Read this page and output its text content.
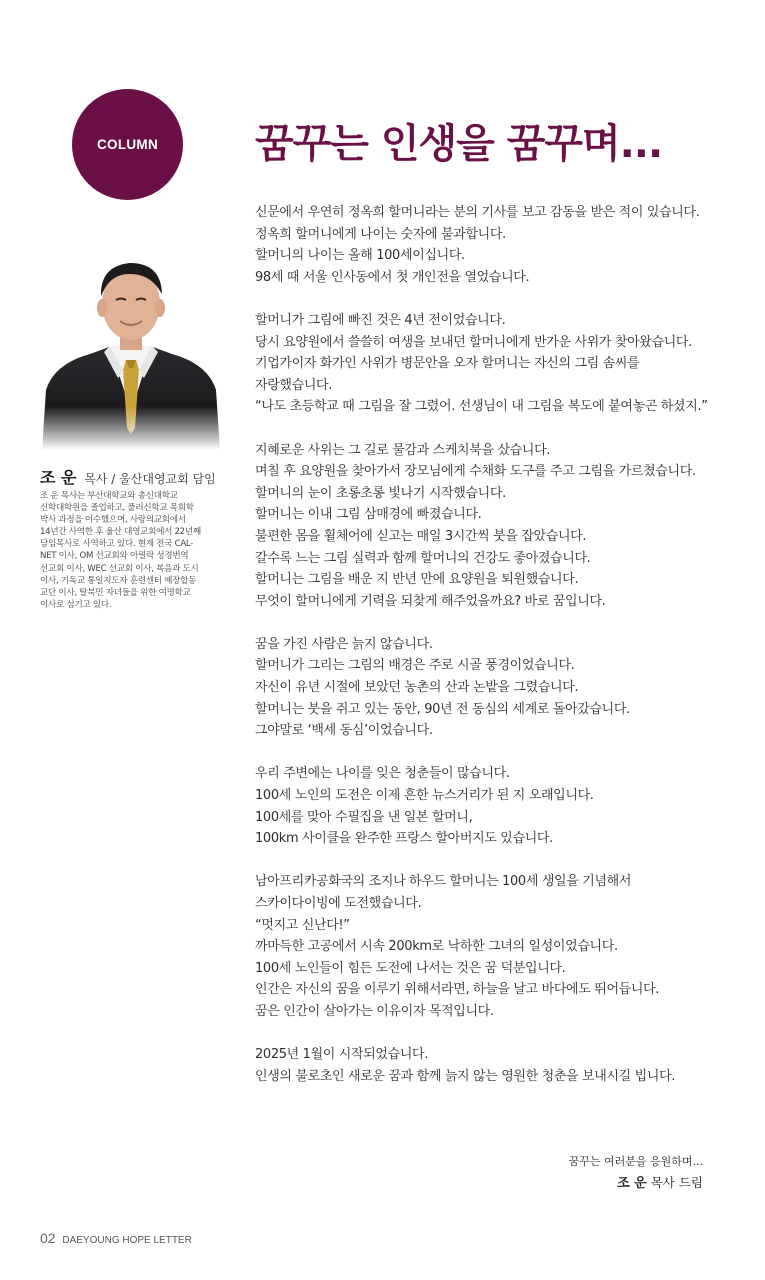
COLUMN 꿈꾸는 인생을 꿈꾸며...
조 운 목사 / 울산대영교회 담임

조 운 목사는 부산대학교와 총신대학교

신학대학원을 졸업하고, 풀러신학교 목회학

박사 과정을 이수했으며, 사랑의교회에서

14년간 사역한 후 울산 대영교회에서 22년째

담임목사로 사역하고 있다. 현재 전국 CAL-

NET 이사, OM 선교회와 아릴락 성경번역

선교회 이사, WEC 선교회 이사, 복음과 도시

이사, 기독교 통일지도자 훈련센터 예장합동

교단 이사, 탈북민 자녀들을 위한 여명학교

이사로 섬기고 있다.

신문에서 우연히 정옥희 할머니라는 분의 기사를 보고 감동을 받은 적이 있습니다.

정옥희 할머니에게 나이는 숫자에 불과합니다.

할머니의 나이는 올해 100세이십니다.

98세 때 서울 인사동에서 첫 개인전을 열었습니다.

할머니가 그림에 빠진 것은 4년 전이었습니다.

당시 요양원에서 쓸쓸히 여생을 보내던 할머니에게 반가운 사위가 찾아왔습니다.

기업가이자 화가인 사위가 병문안을 오자 할머니는 자신의 그림 솜씨를

자랑했습니다.

“나도 초등학교 때 그림을 잘 그렸어. 선생님이 내 그림을 복도에 붙여놓곤 하셨지.”

지혜로운 사위는 그 길로 물감과 스케치북을 샀습니다.

며칠 후 요양원을 찾아가서 장모님에게 수채화 도구를 주고 그림을 가르쳤습니다.

할머니의 눈이 초롱초롱 빛나기 시작했습니다.

할머니는 이내 그림 삼매경에 빠졌습니다.

불편한 몸을 휠체어에 싣고는 매일 3시간씩 붓을 잡았습니다.

갈수록 느는 그림 실력과 함께 할머니의 건강도 좋아졌습니다.

할머니는 그림을 배운 지 반년 만에 요양원을 퇴원했습니다.

무엇이 할머니에게 기력을 되찾게 해주었을까요? 바로 꿈입니다.

꿈을 가진 사람은 늙지 않습니다.

할머니가 그리는 그림의 배경은 주로 시골 풍경이었습니다.

자신이 유년 시절에 보았던 농촌의 산과 논밭을 그렸습니다.

할머니는 붓을 쥐고 있는 동안, 90년 전 동심의 세계로 돌아갔습니다.

그야말로 ‘백세 동심’이었습니다.

우리 주변에는 나이를 잊은 청춘들이 많습니다.

100세 노인의 도전은 이제 흔한 뉴스거리가 된 지 오래입니다.

100세를 맞아 수필집을 낸 일본 할머니,

100km 사이클을 완주한 프랑스 할아버지도 있습니다.

남아프리카공화국의 조지나 하우드 할머니는 100세 생일을 기념해서

스카이다이빙에 도전했습니다.

“멋지고 신난다!”

까마득한 고공에서 시속 200km로 낙하한 그녀의 일성이었습니다.

100세 노인들이 힘든 도전에 나서는 것은 꿈 덕분입니다.

인간은 자신의 꿈을 이루기 위해서라면, 하늘을 날고 바다에도 뛰어듭니다.

꿈은 인간이 살아가는 이유이자 목적입니다.

2025년 1월이 시작되었습니다.

인생의 불로초인 새로운 꿈과 함께 늙지 않는 영원한 청춘을 보내시길 빕니다.

꿈꾸는 여러분을 응원하며...

조 운 목사 드림

02 DAEYOUNG HOPE LETTER
